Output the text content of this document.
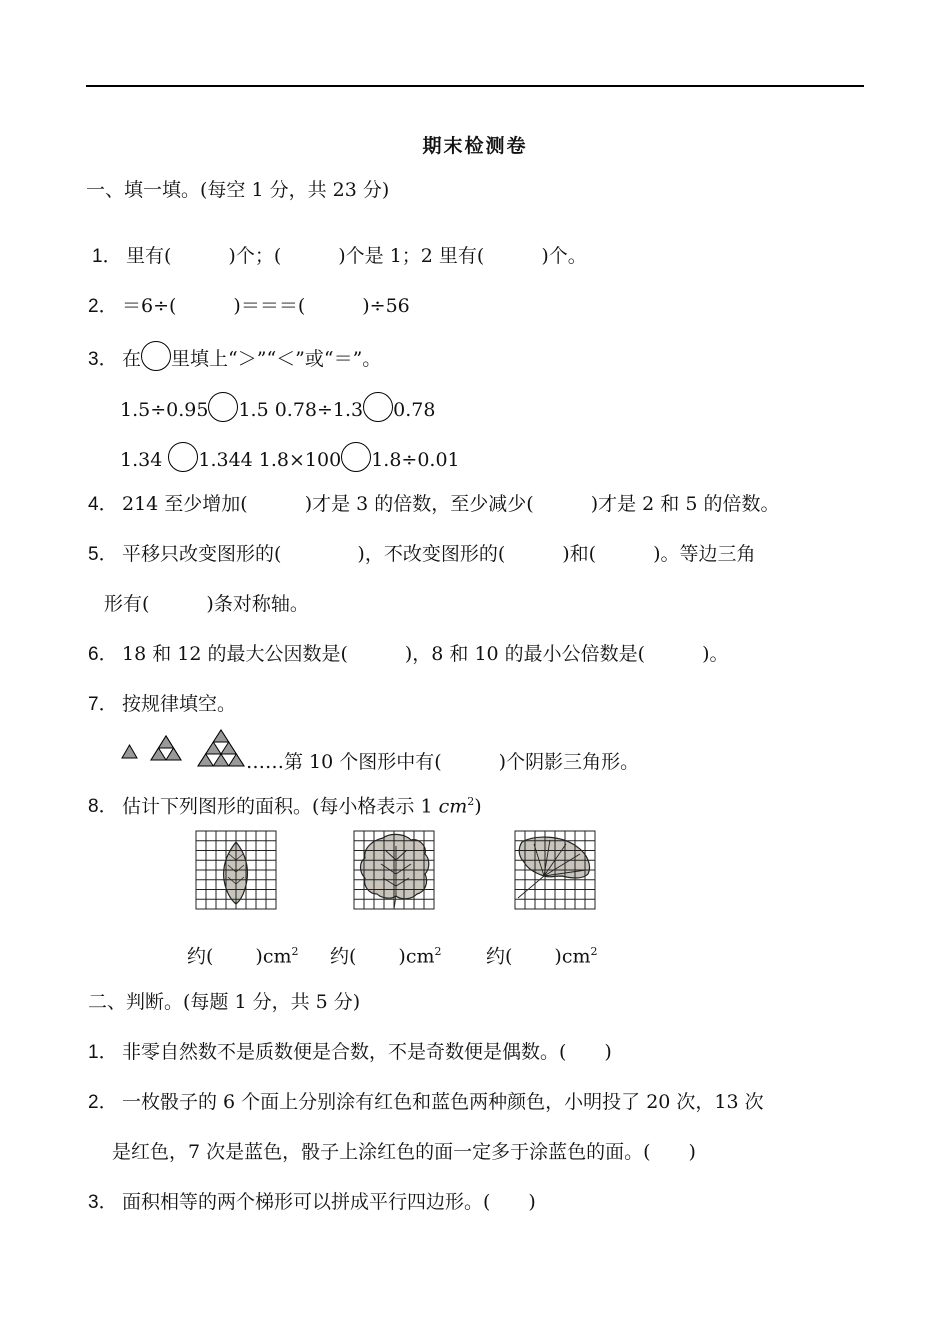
期末检测卷
一、填一填。(每空 1 分，共 23 分)
1． 里有(　　　)个；(　　　)个是 1；2 里有(　　　)个。
2． ＝6÷(　　　)＝＝＝(　　　)÷56
3． 在 里填上“＞”“＜”或“＝”。
1.5÷0.95 1.5 0.78÷1.3 0.78
1.34 1.344 1.8×100 1.8÷0.01
4． 214 至少增加(　　　)才是 3 的倍数，至少减少(　　　)才是 2 和 5 的倍数。
5． 平移只改变图形的(　　　　)，不改变图形的(　　　)和(　　　)。等边三角
形有(　　　)条对称轴。
6． 18 和 12 的最大公因数是(　　　)，8 和 10 的最小公倍数是(　　　)。
7． 按规律填空。
……第 10 个图形中有(　　　)个阴影三角形。
8． 估计下列图形的面积。(每小格表示 1 $cm^2$)
约( )$cm^2$ 约( )$cm^2$ 约( )$cm^2$
二、判断。(每题 1 分，共 5 分)
1． 非零自然数不是质数便是合数，不是奇数便是偶数。(　　)
2． 一枚骰子的 6 个面上分别涂有红色和蓝色两种颜色，小明投了 20 次，13 次
是红色，7 次是蓝色，骰子上涂红色的面一定多于涂蓝色的面。(　　)
3． 面积相等的两个梯形可以拼成平行四边形。(　　)
